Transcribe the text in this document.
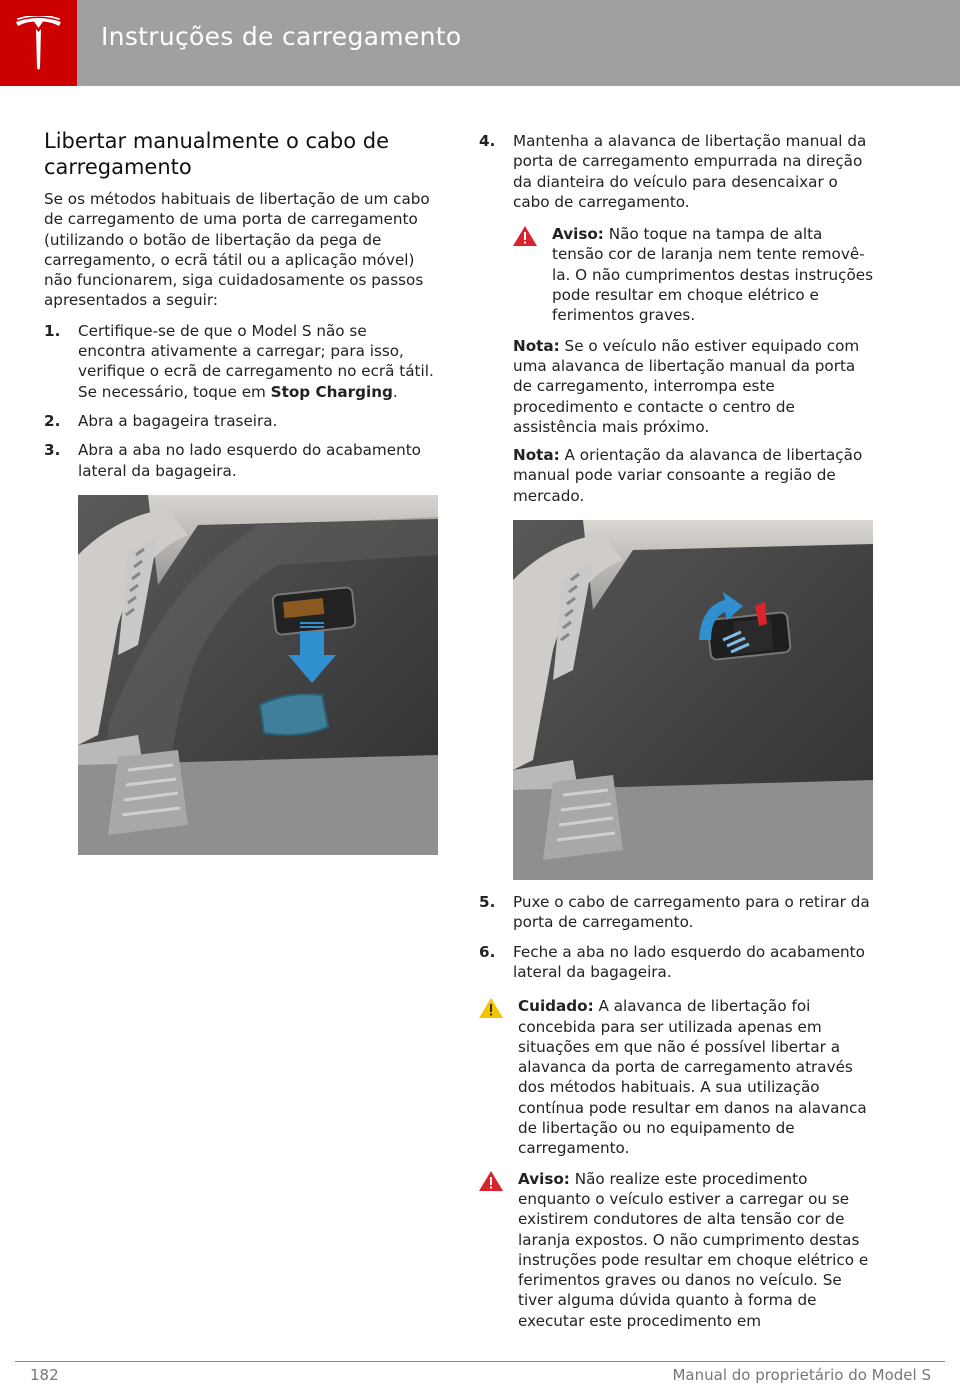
Instruções de carregamento
Libertar manualmente o cabo de carregamento

Se os métodos habituais de libertação de um cabo de carregamento de uma porta de carregamento (utilizando o botão de libertação da pega de carregamento, o ecrã tátil ou a aplicação móvel) não funcionarem, siga cuidadosamente os passos apresentados a seguir:

1. Certifique-se de que o Model S não se encontra ativamente a carregar; para isso, verifique o ecrã de carregamento no ecrã tátil. Se necessário, toque em Stop Charging.
2. Abra a bagageira traseira.
3. Abra a aba no lado esquerdo do acabamento lateral da bagageira.
4. Mantenha a alavanca de libertação manual da porta de carregamento empurrada na direção da dianteira do veículo para desencaixar o cabo de carregamento.
Aviso: Não toque na tampa de alta tensão cor de laranja nem tente removê-la. O não cumprimentos destas instruções pode resultar em choque elétrico e ferimentos graves.
Nota: Se o veículo não estiver equipado com uma alavanca de libertação manual da porta de carregamento, interrompa este procedimento e contacte o centro de assistência mais próximo.
Nota: A orientação da alavanca de libertação manual pode variar consoante a região de mercado.
5. Puxe o cabo de carregamento para o retirar da porta de carregamento.
6. Feche a aba no lado esquerdo do acabamento lateral da bagageira.
Cuidado: A alavanca de libertação foi concebida para ser utilizada apenas em situações em que não é possível libertar a alavanca da porta de carregamento através dos métodos habituais. A sua utilização contínua pode resultar em danos na alavanca de libertação ou no equipamento de carregamento.
Aviso: Não realize este procedimento enquanto o veículo estiver a carregar ou se existirem condutores de alta tensão cor de laranja expostos. O não cumprimento destas instruções pode resultar em choque elétrico e ferimentos graves ou danos no veículo. Se tiver alguma dúvida quanto à forma de executar este procedimento em
182	Manual do proprietário do Model S
